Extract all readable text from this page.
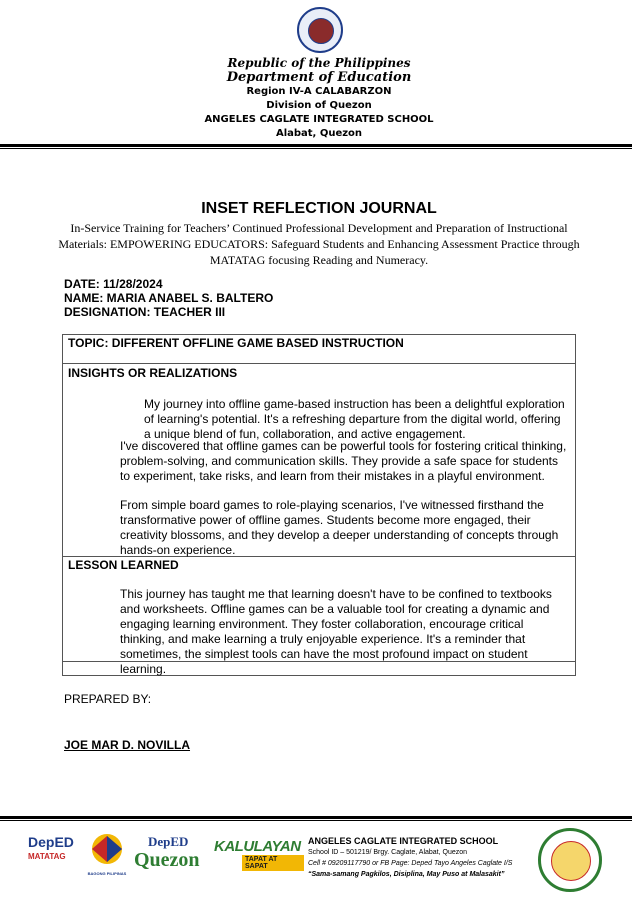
Republic of the Philippines
Department of Education
Region IV-A CALABARZON
Division of Quezon
ANGELES CAGLATE INTEGRATED SCHOOL
Alabat, Quezon
INSET REFLECTION JOURNAL
In-Service Training for Teachers’ Continued Professional Development and Preparation of Instructional Materials: EMPOWERING EDUCATORS: Safeguard Students and Enhancing Assessment Practice through MATATAG focusing Reading and Numeracy.
DATE: 11/28/2024
NAME: MARIA ANABEL S. BALTERO
DESIGNATION: TEACHER III
TOPIC: DIFFERENT OFFLINE GAME BASED INSTRUCTION
INSIGHTS OR REALIZATIONS
My journey into offline game-based instruction has been a delightful exploration of learning's potential. It's a refreshing departure from the digital world, offering a unique blend of fun, collaboration, and active engagement.
I've discovered that offline games can be powerful tools for fostering critical thinking, problem-solving, and communication skills. They provide a safe space for students to experiment, take risks, and learn from their mistakes in a playful environment.
From simple board games to role-playing scenarios, I've witnessed firsthand the transformative power of offline games. Students become more engaged, their creativity blossoms, and they develop a deeper understanding of concepts through hands-on experience.
LESSON LEARNED
This journey has taught me that learning doesn't have to be confined to textbooks and worksheets. Offline games can be a valuable tool for creating a dynamic and engaging learning environment. They foster collaboration, encourage critical thinking, and make learning a truly enjoyable experience. It's a reminder that sometimes, the simplest tools can have the most profound impact on student learning.
PREPARED BY:
JOE MAR D. NOVILLA
DepED
MATATAG
BAGONG PILIPINAS
DepED
Quezon
KALULAYAN
TAPAT AT SAPAT
ANGELES CAGLATE INTEGRATED SCHOOL
School ID – 501219/ Brgy. Caglate, Alabat, Quezon
Cell # 09209117790 or FB Page: Deped Tayo Angeles Caglate I/S
“Sama-samang Pagkilos, Disiplina, May Puso at Malasakit”
